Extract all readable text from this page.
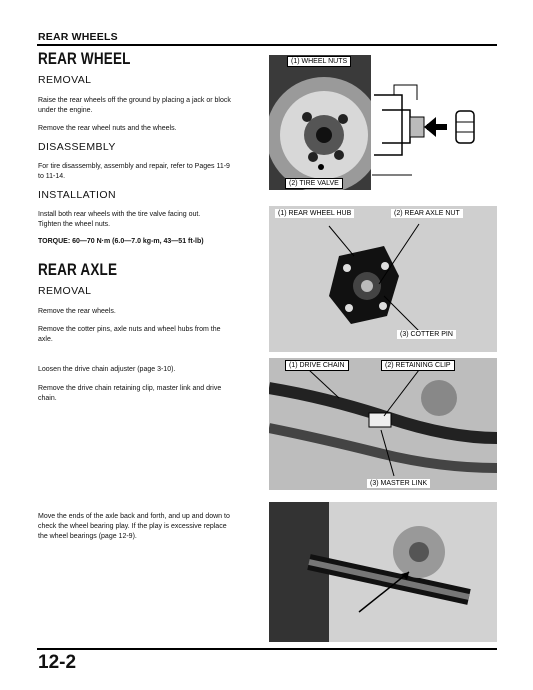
REAR WHEELS
REAR WHEEL
REMOVAL
Raise the rear wheels off the ground by placing a jack or block
under the engine.
Remove the rear wheel nuts and the wheels.
DISASSEMBLY
For tire disassembly, assembly and repair, refer to Pages 11-9
to 11-14.
INSTALLATION
Install both rear wheels with the tire valve facing out.
Tighten the wheel nuts.
TORQUE: 60—70 N·m (6.0—7.0 kg-m, 43—51 ft-lb)
REAR AXLE
REMOVAL
Remove the rear wheels.
Remove the cotter pins, axle nuts and wheel hubs from the
axle.
Loosen the drive chain adjuster (page 3-10).
Remove the drive chain retaining clip, master link and drive
chain.
Move the ends of the axle back and forth, and up and down to
check the wheel bearing play. If the play is excessive replace
the wheel bearings (page 12-9).
(1) WHEEL NUTS
(2) TIRE VALVE
(1) REAR WHEEL HUB	(2) REAR AXLE NUT
(3) COTTER PIN
(1) DRIVE CHAIN	(2) RETAINING CLIP
(3) MASTER LINK
12-2
